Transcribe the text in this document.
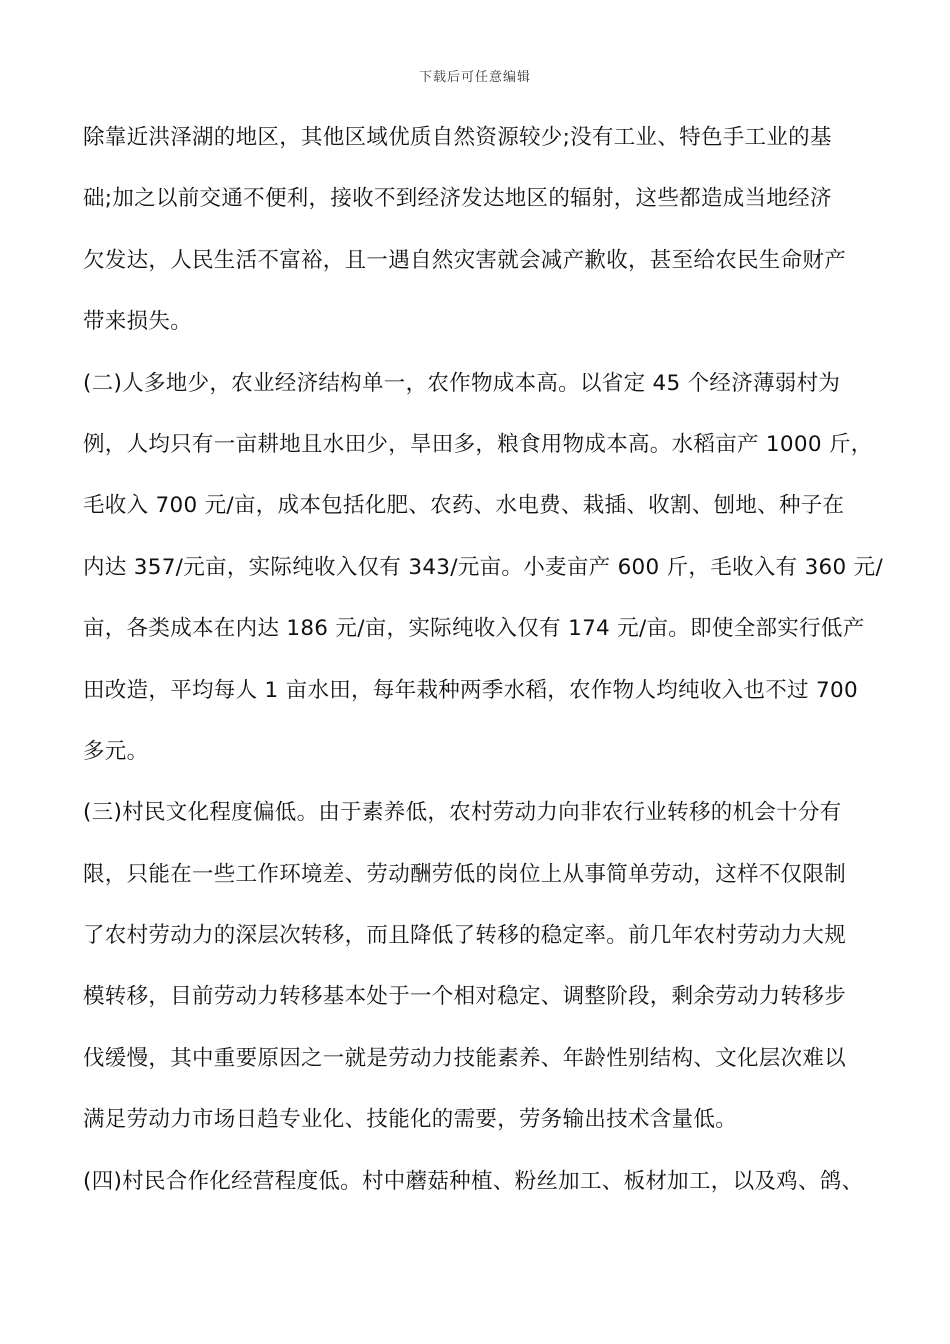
下载后可任意编辑
除靠近洪泽湖的地区，其他区域优质自然资源较少;没有工业、特色手工业的基
础;加之以前交通不便利，接收不到经济发达地区的辐射，这些都造成当地经济
欠发达，人民生活不富裕，且一遇自然灾害就会减产歉收，甚至给农民生命财产
带来损失。
(二)人多地少，农业经济结构单一，农作物成本高。以省定 45 个经济薄弱村为
例，人均只有一亩耕地且水田少，旱田多，粮食用物成本高。水稻亩产 1000 斤，
毛收入 700 元/亩，成本包括化肥、农药、水电费、栽插、收割、刨地、种子在
内达 357/元亩，实际纯收入仅有 343/元亩。小麦亩产 600 斤，毛收入有 360 元/
亩，各类成本在内达 186 元/亩，实际纯收入仅有 174 元/亩。即使全部实行低产
田改造，平均每人 1 亩水田，每年栽种两季水稻，农作物人均纯收入也不过 700
多元。
(三)村民文化程度偏低。由于素养低，农村劳动力向非农行业转移的机会十分有
限，只能在一些工作环境差、劳动酬劳低的岗位上从事简单劳动，这样不仅限制
了农村劳动力的深层次转移，而且降低了转移的稳定率。前几年农村劳动力大规
模转移，目前劳动力转移基本处于一个相对稳定、调整阶段，剩余劳动力转移步
伐缓慢，其中重要原因之一就是劳动力技能素养、年龄性别结构、文化层次难以
满足劳动力市场日趋专业化、技能化的需要，劳务输出技术含量低。
(四)村民合作化经营程度低。村中蘑菇种植、粉丝加工、板材加工，以及鸡、鸽、
